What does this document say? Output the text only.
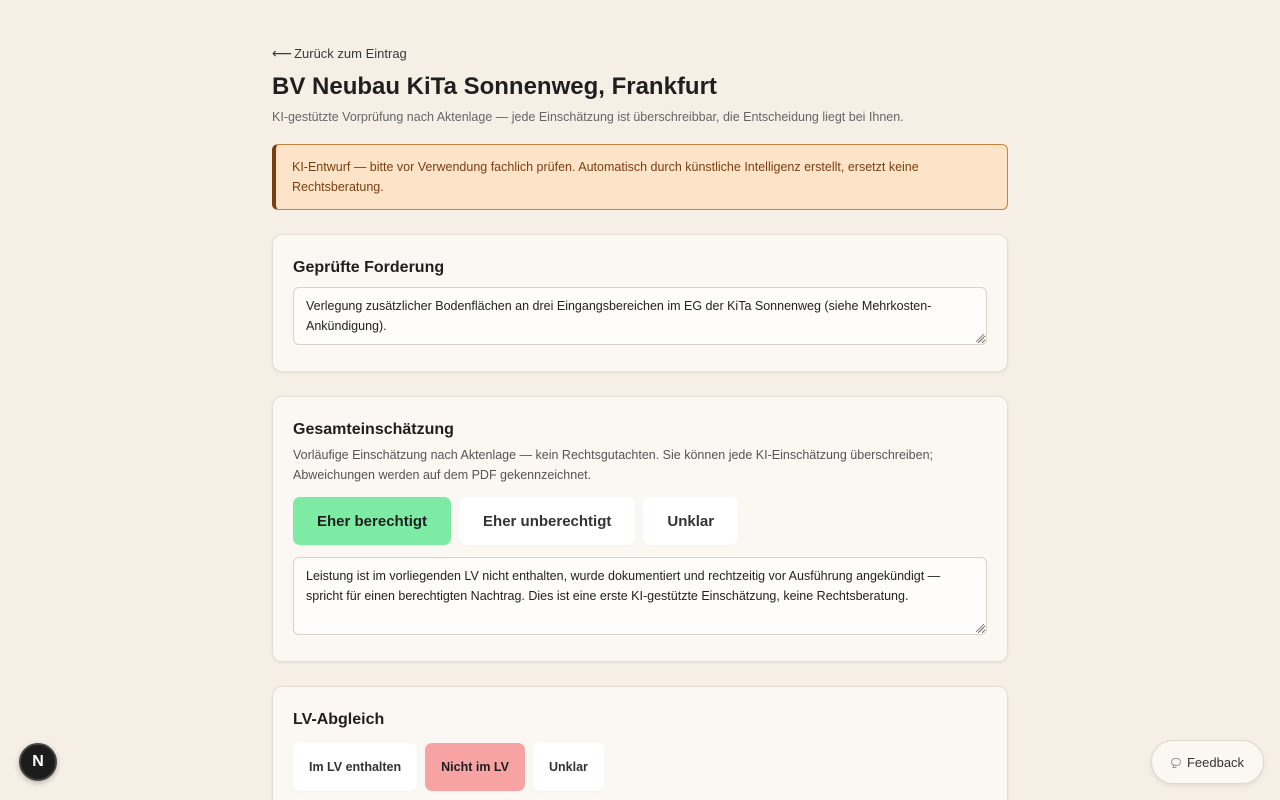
⟵ Zurück zum Eintrag
BV Neubau KiTa Sonnenweg, Frankfurt

KI-gestützte Vorprüfung nach Aktenlage — jede Einschätzung ist überschreibbar, die Entscheidung liegt bei Ihnen.

KI-Entwurf — bitte vor Verwendung fachlich prüfen. Automatisch durch künstliche Intelligenz erstellt, ersetzt keine Rechtsberatung.
Geprüfte Forderung
Verlegung zusätzlicher Bodenflächen an drei Eingangsbereichen im EG der KiTa Sonnenweg (siehe Mehrkosten-Ankündigung).
Gesamteinschätzung

Vorläufige Einschätzung nach Aktenlage — kein Rechtsgutachten. Sie können jede KI-Einschätzung überschreiben; Abweichungen werden auf dem PDF gekennzeichnet.

Eher berechtigt	Eher unberechtigt	Unklar
Leistung ist im vorliegenden LV nicht enthalten, wurde dokumentiert und rechtzeitig vor Ausführung angekündigt — spricht für einen berechtigten Nachtrag. Dies ist eine erste KI-gestützte Einschätzung, keine Rechtsberatung.
LV-Abgleich
Im LV enthalten	Nicht im LV	Unklar
N	Feedback
